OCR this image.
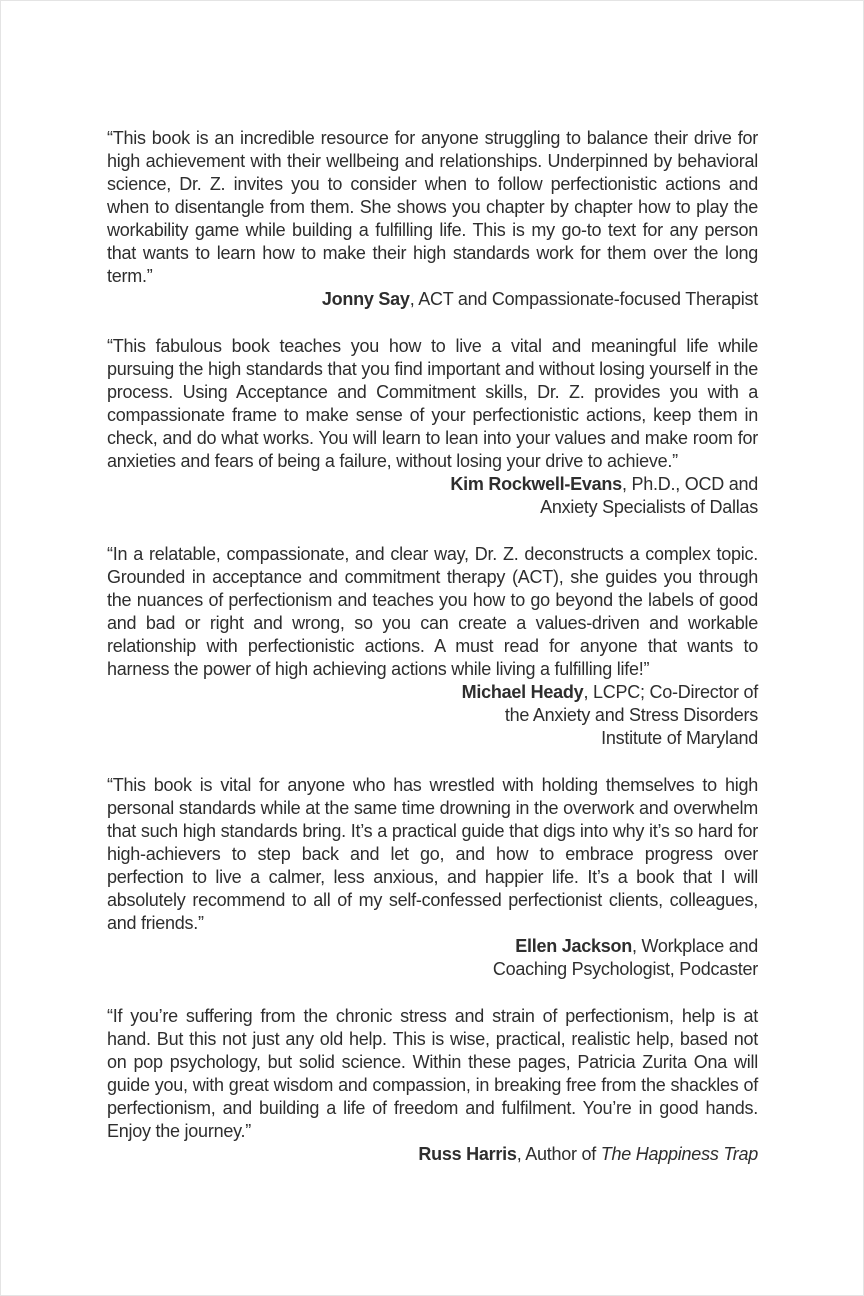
“This book is an incredible resource for anyone struggling to balance their drive for high achievement with their wellbeing and relationships. Underpinned by behavioral science, Dr. Z. invites you to consider when to follow perfectionistic actions and when to disentangle from them. She shows you chapter by chapter how to play the workability game while building a fulfilling life. This is my go-to text for any person that wants to learn how to make their high standards work for them over the long term.”

Jonny Say, ACT and Compassionate-focused Therapist

“This fabulous book teaches you how to live a vital and meaningful life while pursuing the high standards that you find important and without losing yourself in the process. Using Acceptance and Commitment skills, Dr. Z. provides you with a compassionate frame to make sense of your perfectionistic actions, keep them in check, and do what works. You will learn to lean into your values and make room for anxieties and fears of being a failure, without losing your drive to achieve.”

Kim Rockwell-Evans, Ph.D., OCD and
Anxiety Specialists of Dallas

“In a relatable, compassionate, and clear way, Dr. Z. deconstructs a complex topic. Grounded in acceptance and commitment therapy (ACT), she guides you through the nuances of perfectionism and teaches you how to go beyond the labels of good and bad or right and wrong, so you can create a values-driven and workable relationship with perfectionistic actions. A must read for anyone that wants to harness the power of high achieving actions while living a fulfilling life!”

Michael Heady, LCPC; Co-Director of
the Anxiety and Stress Disorders
Institute of Maryland

“This book is vital for anyone who has wrestled with holding themselves to high personal standards while at the same time drowning in the overwork and overwhelm that such high standards bring. It’s a practical guide that digs into why it’s so hard for high-achievers to step back and let go, and how to embrace progress over perfection to live a calmer, less anxious, and happier life. It’s a book that I will absolutely recommend to all of my self-confessed perfectionist clients, colleagues, and friends.”

Ellen Jackson, Workplace and
Coaching Psychologist, Podcaster

“If you’re suffering from the chronic stress and strain of perfectionism, help is at hand. But this not just any old help. This is wise, practical, realistic help, based not on pop psychology, but solid science. Within these pages, Patricia Zurita Ona will guide you, with great wisdom and compassion, in breaking free from the shackles of perfectionism, and building a life of freedom and fulfilment. You’re in good hands. Enjoy the journey.”

Russ Harris, Author of The Happiness Trap
